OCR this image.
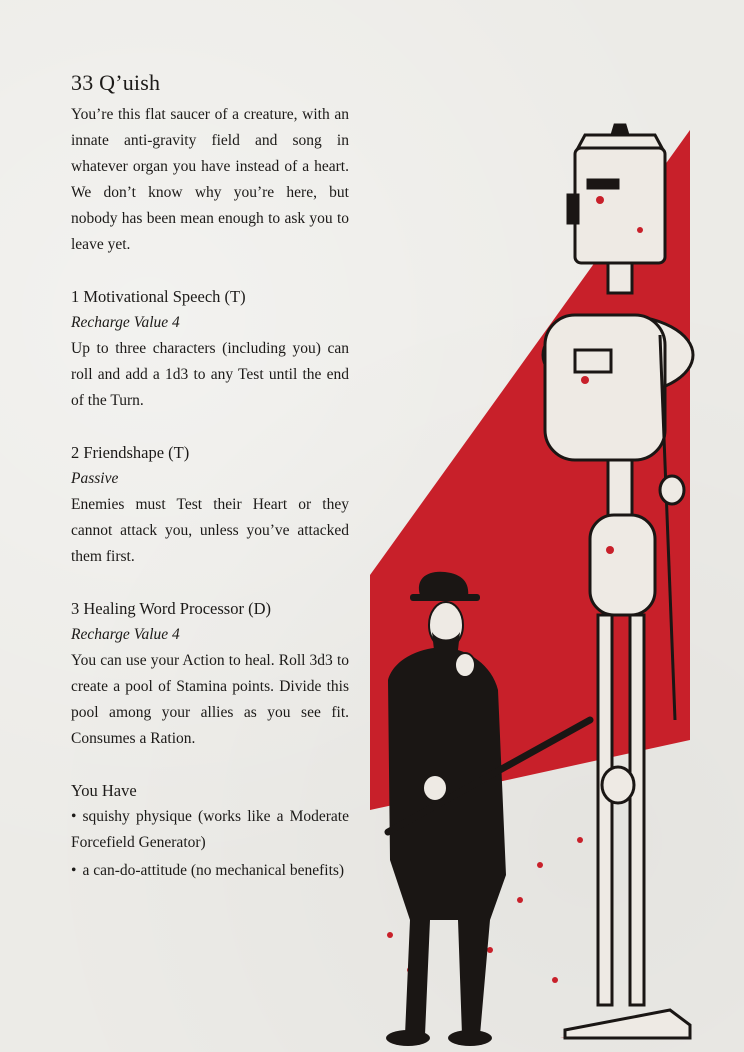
33 Q’uish

You’re this flat saucer of a creature, with an innate anti-gravity field and song in whatever organ you have instead of a heart. We don’t know why you’re here, but nobody has been mean enough to ask you to leave yet.

1 Motivational Speech (T)

Recharge Value 4

Up to three characters (including you) can roll and add a 1d3 to any Test until the end of the Turn.

2 Friendshape (T)

Passive

Enemies must Test their Heart or they cannot attack you, unless you’ve attacked them first.

3 Healing Word Processor (D)

Recharge Value 4

You can use your Action to heal. Roll 3d3 to create a pool of Stamina points. Divide this pool among your allies as you see fit. Consumes a Ration.

You Have
• squishy physique (works like a Moderate Forcefield Generator)
• a can-do-attitude (no mechanical benefits)
